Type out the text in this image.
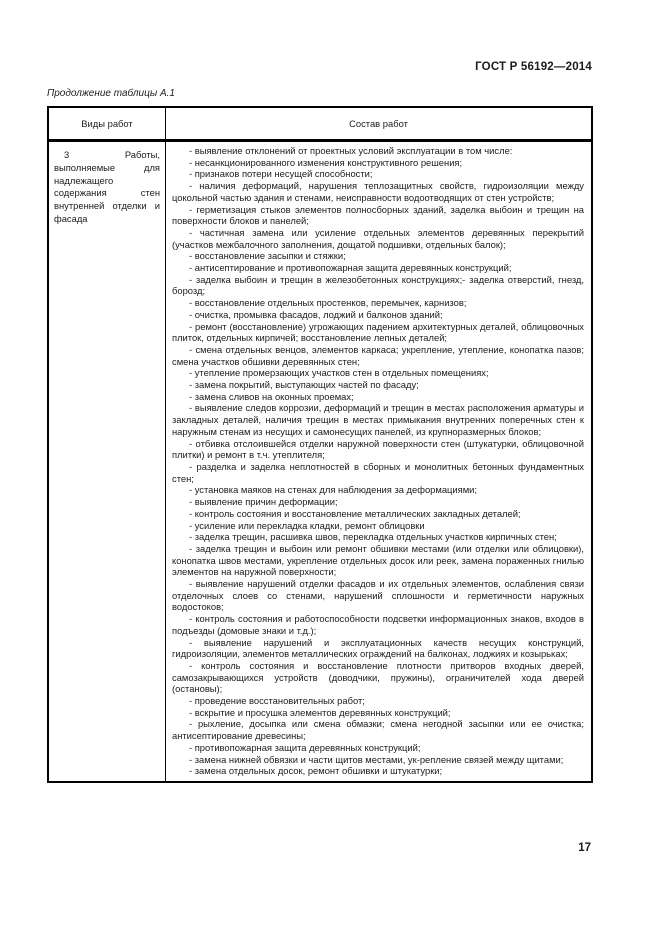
ГОСТ Р 56192—2014
Продолжение таблицы А.1
Виды работ	Состав работ
3 Работы, выполняемые для надлежащего содержания стен внутренней отделки и фасада	

- выявление отклонений от проектных условий эксплуатации в том числе:

- несанкционированного изменения конструктивного решения;

- признаков потери несущей способности;

- наличия деформаций, нарушения теплозащитных свойств, гидроизоляции между цокольной частью здания и стенами, неисправности водоотводящих от стен устройств;

- герметизация стыков элементов полносборных зданий, заделка выбоин и трещин на поверхности блоков и панелей;

- частичная замена или усиление отдельных элементов деревянных перекрытий (участков межбалочного заполнения, дощатой подшивки, отдельных балок);

- восстановление засыпки и стяжки;

- антисептирование и противопожарная защита деревянных конструкций;

- заделка выбоин и трещин в железобетонных конструкциях;- заделка отверстий, гнезд, борозд;

- восстановление отдельных простенков, перемычек, карнизов;

- очистка, промывка фасадов, лоджий и балконов зданий;

- ремонт (восстановление) угрожающих падением архитектурных деталей, облицовочных плиток, отдельных кирпичей; восстановление лепных деталей;

- смена отдельных венцов, элементов каркаса; укрепление, утепление, конопатка пазов; смена участков обшивки деревянных стен;

- утепление промерзающих участков стен в отдельных помещениях;

- замена покрытий, выступающих частей по фасаду;

- замена сливов на оконных проемах;

- выявление следов коррозии, деформаций и трещин в местах расположения арматуры и закладных деталей, наличия трещин в местах примыкания внутренних поперечных стен к наружным стенам из несущих и самонесущих панелей, из крупноразмерных блоков;

- отбивка отслоившейся отделки наружной поверхности стен (штукатурки, облицовочной плитки) и ремонт в т.ч. утеплителя;

- разделка и заделка неплотностей в сборных и монолитных бетонных фундаментных стен;

- установка маяков на стенах для наблюдения за деформациями;

- выявление причин деформации;

- контроль состояния и восстановление металлических закладных деталей;

- усиление или перекладка кладки, ремонт облицовки

- заделка трещин, расшивка швов, перекладка отдельных участков кирпичных стен;

- заделка трещин и выбоин или ремонт обшивки местами (или отделки или облицовки), конопатка швов местами, укрепление отдельных досок или реек, замена пораженных гнилью элементов на наружной поверхности;

- выявление нарушений отделки фасадов и их отдельных элементов, ослабления связи отделочных слоев со стенами, нарушений сплошности и герметичности наружных водостоков;

- контроль состояния и работоспособности подсветки информационных знаков, входов в подъезды (домовые знаки и т.д.);

- выявление нарушений и эксплуатационных качеств несущих конструкций, гидроизоляции, элементов металлических ограждений на балконах, лоджиях и козырьках;

- контроль состояния и восстановление плотности притворов входных дверей, самозакрывающихся устройств (доводчики, пружины), ограничителей хода дверей (остановы);

- проведение восстановительных работ;

- вскрытие и просушка элементов деревянных конструкций;

- рыхление, досыпка или смена обмазки; смена негодной засыпки или ее очистка; антисептирование древесины;

- противопожарная защита деревянных конструкций;

- замена нижней обвязки и части щитов местами, ук-репление связей между щитами;

- замена отдельных досок, ремонт обшивки и штукатурки;

17
